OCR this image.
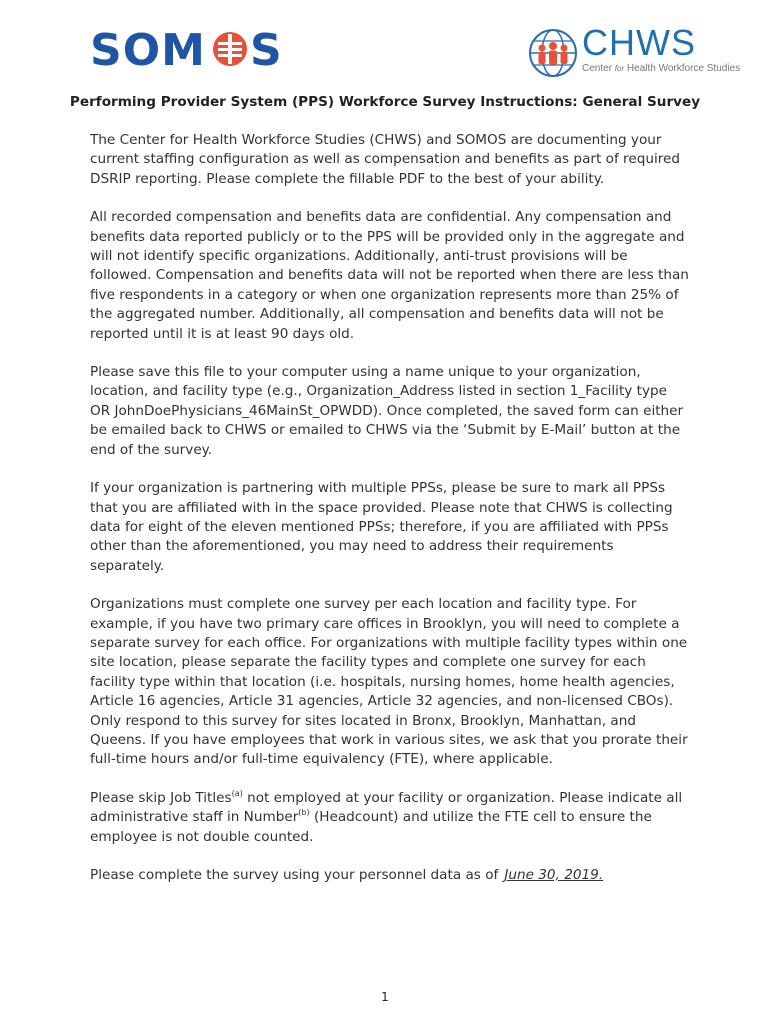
SOM S	CHWS
Center for Health Workforce Studies
Performing Provider System (PPS) Workforce Survey Instructions: General Survey

The Center for Health Workforce Studies (CHWS) and SOMOS are documenting your current staffing configuration as well as compensation and benefits as part of required DSRIP reporting. Please complete the fillable PDF to the best of your ability.

All recorded compensation and benefits data are confidential. Any compensation and benefits data reported publicly or to the PPS will be provided only in the aggregate and will not identify specific organizations. Additionally, anti-trust provisions will be followed. Compensation and benefits data will not be reported when there are less than five respondents in a category or when one organization represents more than 25% of the aggregated number. Additionally, all compensation and benefits data will not be reported until it is at least 90 days old.

Please save this file to your computer using a name unique to your organization, location, and facility type (e.g., Organization_Address listed in section 1_Facility type OR JohnDoePhysicians_46MainSt_OPWDD). Once completed, the saved form can either be emailed back to CHWS or emailed to CHWS via the ‘Submit by E-Mail’ button at the end of the survey.

If your organization is partnering with multiple PPSs, please be sure to mark all PPSs that you are affiliated with in the space provided. Please note that CHWS is collecting data for eight of the eleven mentioned PPSs; therefore, if you are affiliated with PPSs other than the aforementioned, you may need to address their requirements separately.

Organizations must complete one survey per each location and facility type. For example, if you have two primary care offices in Brooklyn, you will need to complete a separate survey for each office. For organizations with multiple facility types within one site location, please separate the facility types and complete one survey for each facility type within that location (i.e. hospitals, nursing homes, home health agencies, Article 16 agencies, Article 31 agencies, Article 32 agencies, and non-licensed CBOs). Only respond to this survey for sites located in Bronx, Brooklyn, Manhattan, and Queens. If you have employees that work in various sites, we ask that you prorate their full-time hours and/or full-time equivalency (FTE), where applicable.

Please skip Job Titles$^{(a)}$ not employed at your facility or organization. Please indicate all administrative staff in Number$^{(b)}$ (Headcount) and utilize the FTE cell to ensure the employee is not double counted.

Please complete the survey using your personnel data as of June 30, 2019.

1
